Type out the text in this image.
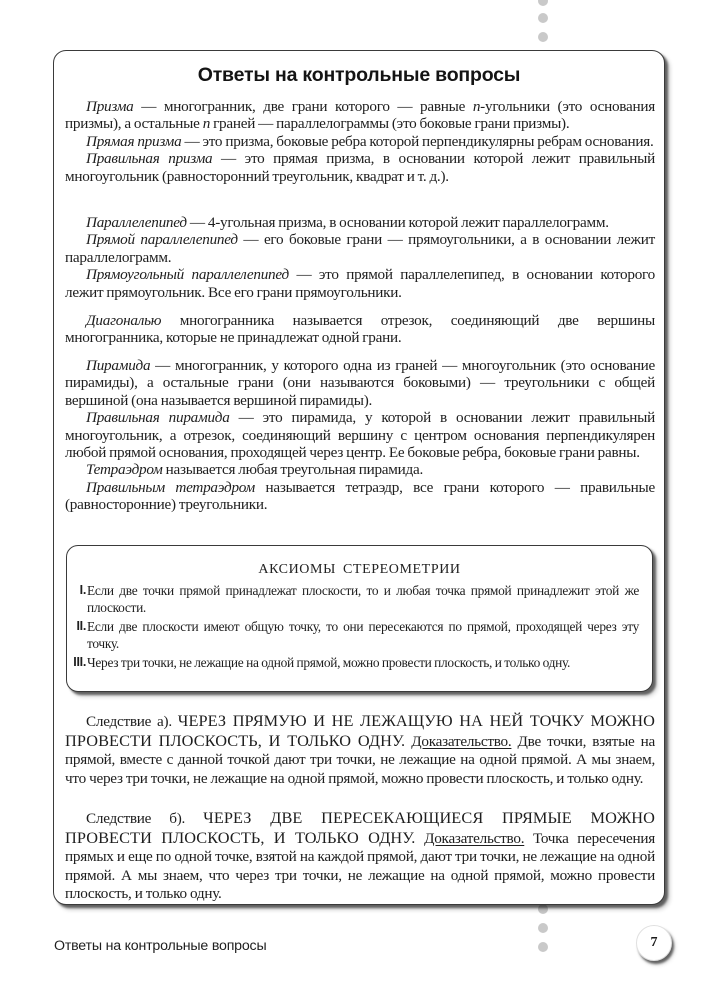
Ответы на контрольные вопросы

Призма — многогранник, две грани которого — равные n-угольники (это основания призмы), а остальные n граней — параллелограммы (это боковые грани призмы).

Прямая призма — это призма, боковые ребра которой перпендикулярны ребрам основания.

Правильная призма — это прямая призма, в основании которой лежит правильный многоугольник (равносторонний треугольник, квадрат и т. д.).

Параллелепипед — 4-угольная призма, в основании которой лежит параллелограмм.

Прямой параллелепипед — его боковые грани — прямоугольники, а в основании лежит параллелограмм.

Прямоугольный параллелепипед — это прямой параллелепипед, в основании которого лежит прямоугольник. Все его грани прямоугольники.

Диагональю многогранника называется отрезок, соединяющий две вершины многогранника, которые не принадлежат одной грани.

Пирамида — многогранник, у которого одна из граней — многоугольник (это основание пирамиды), а остальные грани (они называются боковыми) — треугольники с общей вершиной (она называется вершиной пирамиды).

Правильная пирамида — это пирамида, у которой в основании лежит правильный многоугольник, а отрезок, соединяющий вершину с центром основания перпендикулярен любой прямой основания, проходящей через центр. Ее боковые ребра, боковые грани равны.

Тетраэдром называется любая треугольная пирамида.

Правильным тетраэдром называется тетраэдр, все грани которого — правильные (равносторонние) треугольники.

АКСИОМЫ СТЕРЕОМЕТРИИ
I. Если две точки прямой принадлежат плоскости, то и любая точка прямой принадлежит этой же плоскости.
II. Если две плоскости имеют общую точку, то они пересекаются по прямой, проходящей через эту точку.
III. Через три точки, не лежащие на одной прямой, можно провести плоскость, и только одну.

Следствие а). ЧЕРЕЗ ПРЯМУЮ И НЕ ЛЕЖАЩУЮ НА НЕЙ ТОЧКУ МОЖНО ПРОВЕСТИ ПЛОСКОСТЬ, И ТОЛЬКО ОДНУ. Доказательство. Две точки, взятые на прямой, вместе с данной точкой дают три точки, не лежащие на одной прямой. А мы знаем, что через три точки, не лежащие на одной прямой, можно провести плоскость, и только одну.

Следствие б). ЧЕРЕЗ ДВЕ ПЕРЕСЕКАЮЩИЕСЯ ПРЯМЫЕ МОЖНО ПРОВЕСТИ ПЛОСКОСТЬ, И ТОЛЬКО ОДНУ. Доказательство. Точка пересечения прямых и еще по одной точке, взятой на каждой прямой, дают три точки, не лежащие на одной прямой. А мы знаем, что через три точки, не лежащие на одной прямой, можно провести плоскость, и только одну.

Ответы на контрольные вопросы	7
